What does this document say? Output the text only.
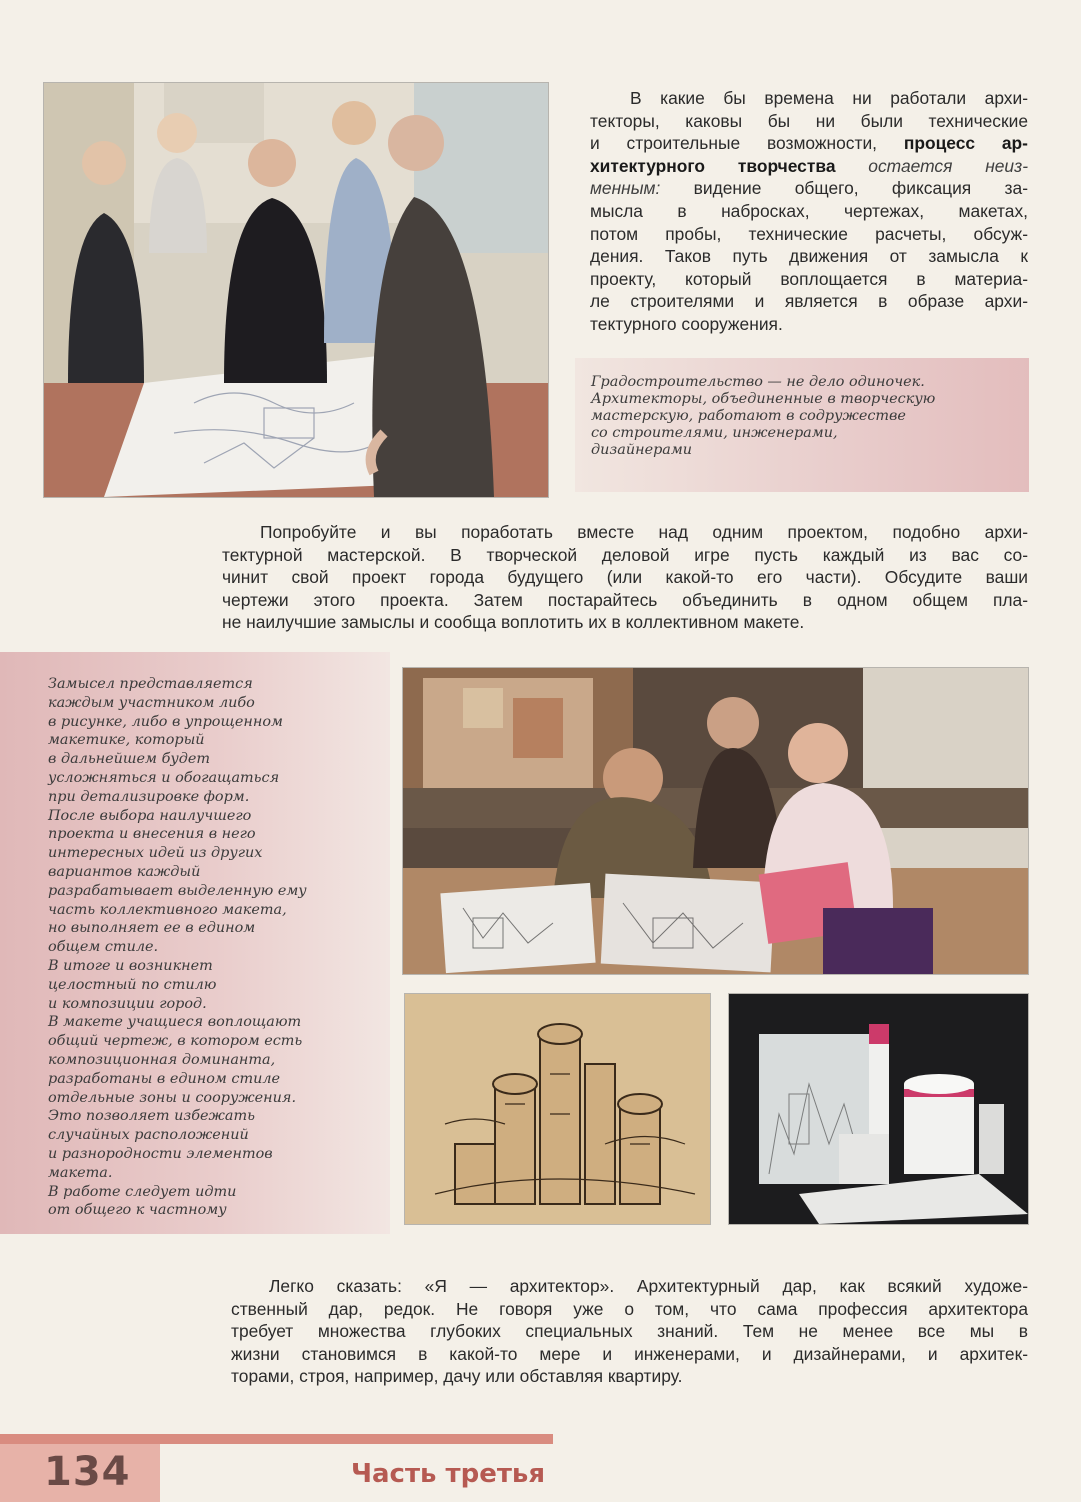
В какие бы времена ни работали архи-
текторы, каковы бы ни были технические
и строительные возможности, процесс ар-
хитектурного творчества остается неиз-
менным: видение общего, фиксация за-
мысла в набросках, чертежах, макетах,
потом пробы, технические расчеты, обсуж-
дения. Таков путь движения от замысла к
проекту, который воплощается в материа-
ле строителями и является в образе архи-
тектурного сооружения.

Градостроительство — не дело одиночек.
Архитекторы, объединенные в творческую
мастерскую, работают в содружестве
со строителями, инженерами,
дизайнерами

Попробуйте и вы поработать вместе над одним проектом, подобно архи-
тектурной мастерской. В творческой деловой игре пусть каждый из вас со-
чинит свой проект города будущего (или какой-то его части). Обсудите ваши
чертежи этого проекта. Затем постарайтесь объединить в одном общем пла-
не наилучшие замыслы и сообща воплотить их в коллективном макете.

Замысел представляется
каждым участником либо
в рисунке, либо в упрощенном
макетике, который
в дальнейшем будет
усложняться и обогащаться
при детализировке форм.
После выбора наилучшего
проекта и внесения в него
интересных идей из других
вариантов каждый
разрабатывает выделенную ему
часть коллективного макета,
но выполняет ее в едином
общем стиле.
В итоге и возникнет
целостный по стилю
и композиции город.
В макете учащиеся воплощают
общий чертеж, в котором есть
композиционная доминанта,
разработаны в едином стиле
отдельные зоны и сооружения.
Это позволяет избежать
случайных расположений
и разнородности элементов
макета.
В работе следует идти
от общего к частному

Легко сказать: «Я — архитектор». Архитектурный дар, как всякий художе-
ственный дар, редок. Не говоря уже о том, что сама профессия архитектора
требует множества глубоких специальных знаний. Тем не менее все мы в
жизни становимся в какой-то мере и инженерами, и дизайнерами, и архитек-
торами, строя, например, дачу или обставляя квартиру.

134	Часть третья
